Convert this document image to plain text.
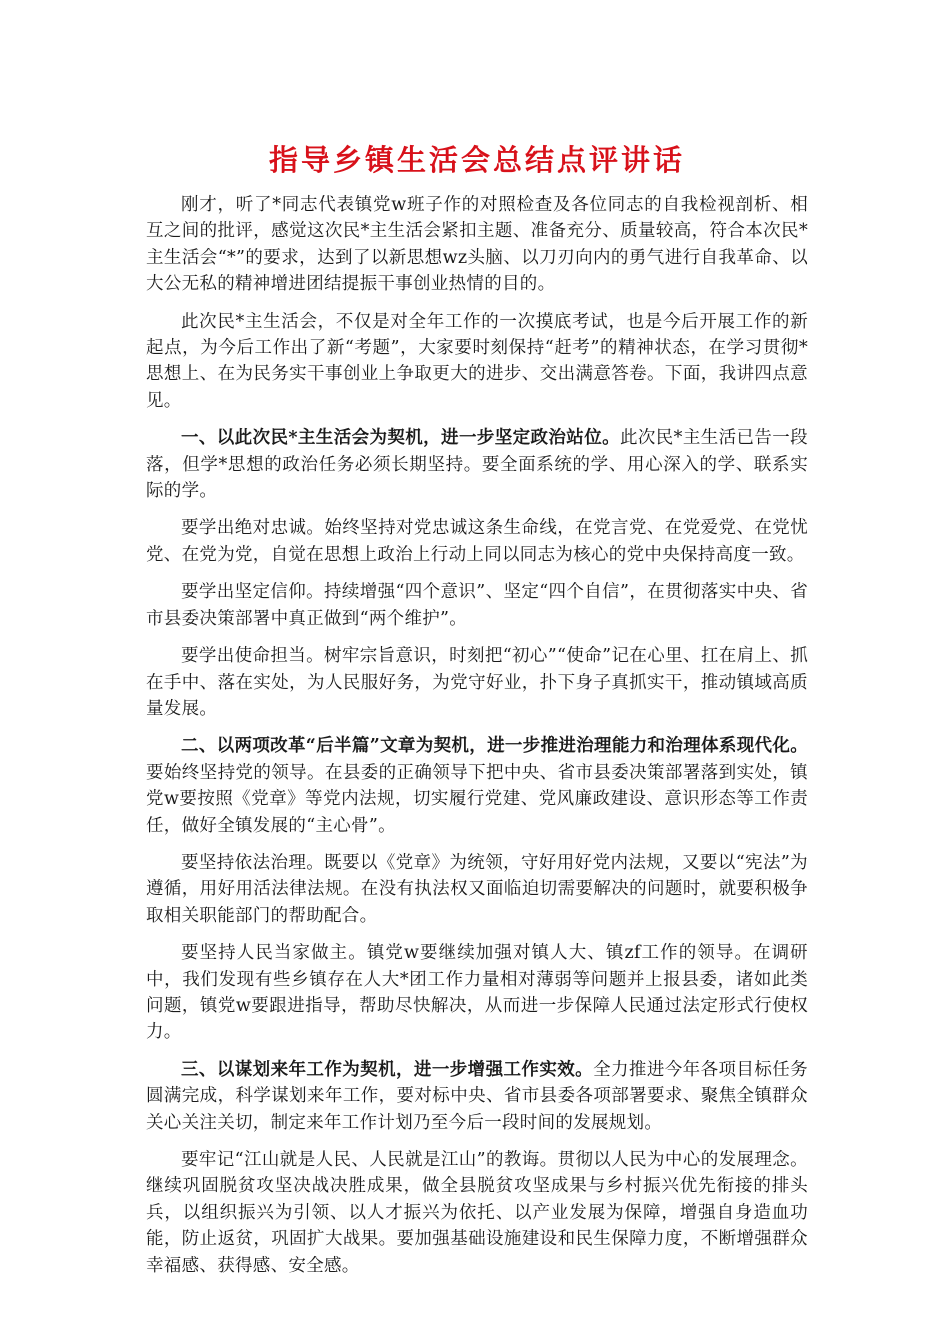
指导乡镇生活会总结点评讲话

刚才，听了*同志代表镇党w班子作的对照检查及各位同志的自我检视剖析、相互之间的批评，感觉这次民*主生活会紧扣主题、准备充分、质量较高，符合本次民*主生活会“*”的要求，达到了以新思想wz头脑、以刀刃向内的勇气进行自我革命、以大公无私的精神增进团结提振干事创业热情的目的。

此次民*主生活会，不仅是对全年工作的一次摸底考试，也是今后开展工作的新起点，为今后工作出了新“考题”，大家要时刻保持“赶考”的精神状态，在学习贯彻*思想上、在为民务实干事创业上争取更大的进步、交出满意答卷。下面，我讲四点意见。

一、以此次民*主生活会为契机，进一步坚定政治站位。此次民*主生活已告一段落，但学*思想的政治任务必须长期坚持。要全面系统的学、用心深入的学、联系实际的学。

要学出绝对忠诚。始终坚持对党忠诚这条生命线，在党言党、在党爱党、在党忧党、在党为党，自觉在思想上政治上行动上同以同志为核心的党中央保持高度一致。

要学出坚定信仰。持续增强“四个意识”、坚定“四个自信”，在贯彻落实中央、省市县委决策部署中真正做到“两个维护”。

要学出使命担当。树牢宗旨意识，时刻把“初心”“使命”记在心里、扛在肩上、抓在手中、落在实处，为人民服好务，为党守好业，扑下身子真抓实干，推动镇域高质量发展。

二、以两项改革“后半篇”文章为契机，进一步推进治理能力和治理体系现代化。要始终坚持党的领导。在县委的正确领导下把中央、省市县委决策部署落到实处，镇党w要按照《党章》等党内法规，切实履行党建、党风廉政建设、意识形态等工作责任，做好全镇发展的“主心骨”。

要坚持依法治理。既要以《党章》为统领，守好用好党内法规，又要以“宪法”为遵循，用好用活法律法规。在没有执法权又面临迫切需要解决的问题时，就要积极争取相关职能部门的帮助配合。

要坚持人民当家做主。镇党w要继续加强对镇人大、镇zf工作的领导。在调研中，我们发现有些乡镇存在人大*团工作力量相对薄弱等问题并上报县委，诸如此类问题，镇党w要跟进指导，帮助尽快解决，从而进一步保障人民通过法定形式行使权力。

三、以谋划来年工作为契机，进一步增强工作实效。全力推进今年各项目标任务圆满完成，科学谋划来年工作，要对标中央、省市县委各项部署要求、聚焦全镇群众关心关注关切，制定来年工作计划乃至今后一段时间的发展规划。

要牢记“江山就是人民、人民就是江山”的教诲。贯彻以人民为中心的发展理念。继续巩固脱贫攻坚决战决胜成果，做全县脱贫攻坚成果与乡村振兴优先衔接的排头兵，以组织振兴为引领、以人才振兴为依托、以产业发展为保障，增强自身造血功能，防止返贫，巩固扩大战果。要加强基础设施建设和民生保障力度，不断增强群众幸福感、获得感、安全感。
